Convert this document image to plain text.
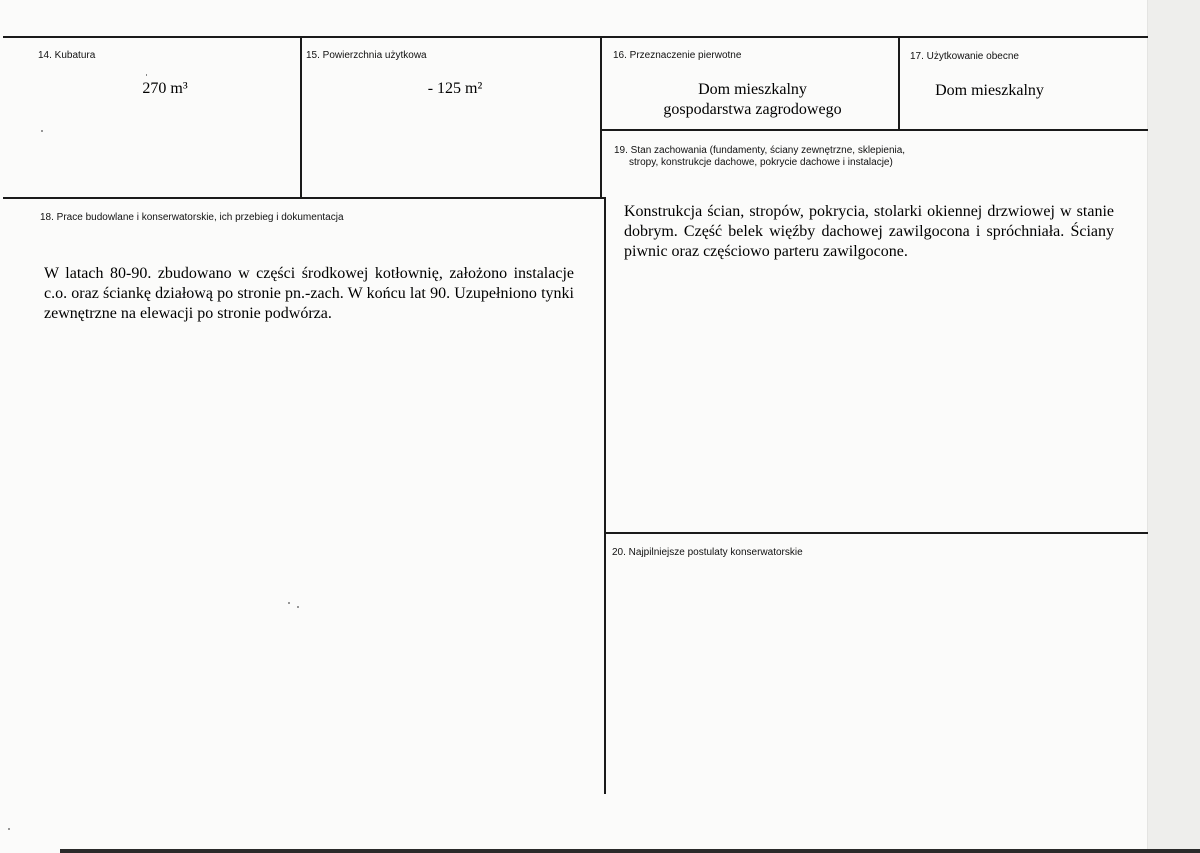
14. Kubatura
270 m³
15. Powierzchnia użytkowa
- 125 m²
16. Przeznaczenie pierwotne
Dom mieszkalny
gospodarstwa zagrodowego
17. Użytkowanie obecne
Dom mieszkalny
18. Prace budowlane i konserwatorskie, ich przebieg i dokumentacja
W latach 80-90. zbudowano w części środkowej kotłownię, założono instalacje c.o. oraz ściankę działową po stronie pn.-zach. W końcu lat 90. Uzupełniono tynki zewnętrzne na elewacji po stronie podwórza.
19. Stan zachowania (fundamenty, ściany zewnętrzne, sklepienia,
stropy, konstrukcje dachowe, pokrycie dachowe i instalacje)
Konstrukcja ścian, stropów, pokrycia, stolarki okiennej drzwiowej w stanie dobrym. Część belek więźby dachowej zawilgocona i spróchniała. Ściany piwnic oraz częściowo parteru zawilgocone.
20. Najpilniejsze postulaty konserwatorskie
